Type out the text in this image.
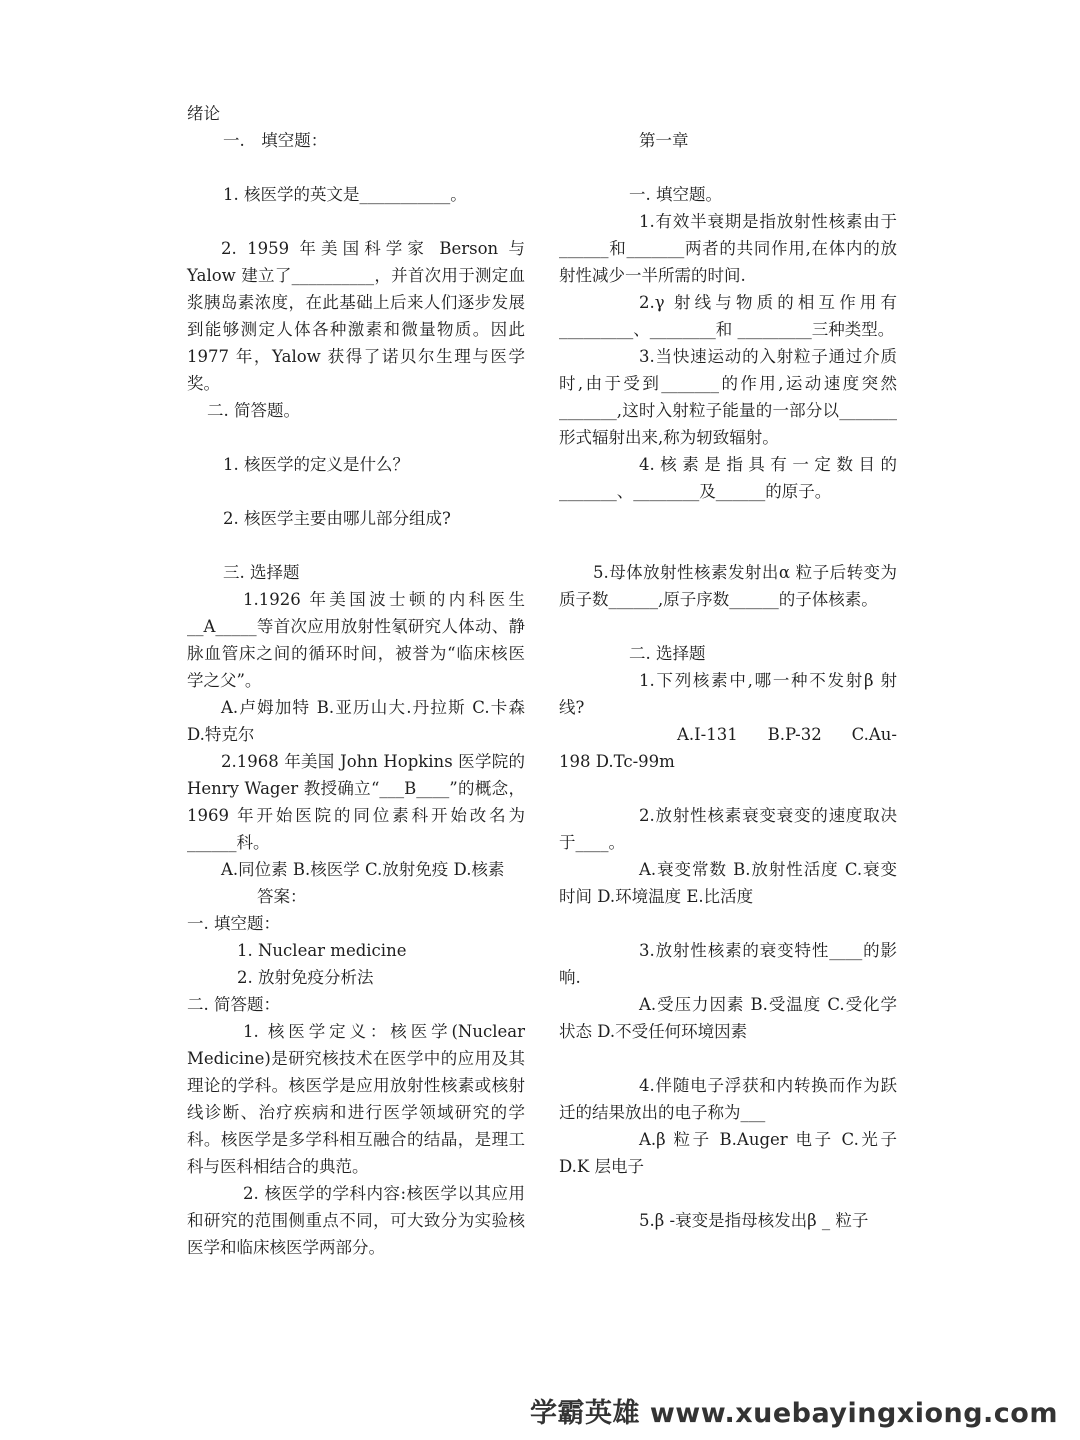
绪论

一.　填空题：

1. 核医学的英文是___________。

2. 1959 年美国科学家 Berson 与 Yalow 建立了__________，并首次用于测定血浆胰岛素浓度，在此基础上后来人们逐步发展到能够测定人体各种激素和微量物质。因此 1977 年，Yalow 获得了诺贝尔生理与医学奖。

二. 简答题。

1. 核医学的定义是什么？

2. 核医学主要由哪儿部分组成?

三. 选择题

1.1926 年美国波士顿的内科医生__A_____等首次应用放射性氡研究人体动、静脉血管床之间的循环时间，被誉为“临床核医学之父”。

A.卢姆加特 B.亚历山大.丹拉斯 C.卡森 D.特克尔

2.1968 年美国 John Hopkins 医学院的 Henry Wager 教授确立“___B____”的概念，1969 年开始医院的同位素科开始改名为______科。

A.同位素 B.核医学 C.放射免疫 D.核素

答案：

一. 填空题：

1. Nuclear medicine

2. 放射免疫分析法

二. 简答题：

1. 核医学定义：核医学(Nuclear Medicine)是研究核技术在医学中的应用及其理论的学科。核医学是应用放射性核素或核射线诊断、治疗疾病和进行医学领域研究的学科。核医学是多学科相互融合的结晶，是理工科与医科相结合的典范。

2. 核医学的学科内容:核医学以其应用和研究的范围侧重点不同，可大致分为实验核医学和临床核医学两部分。

第一章

一. 填空题。

1.有效半衰期是指放射性核素由于______和_______两者的共同作用,在体内的放射性减少一半所需的时间.

2.γ 射线与物质的相互作用有_________、________和 _________三种类型。

3.当快速运动的入射粒子通过介质时,由于受到_______的作用,运动速度突然_______,这时入射粒子能量的一部分以_______形式辐射出来,称为轫致辐射。

4.核素是指具有一定数目的_______、________及______的原子。

5.母体放射性核素发射出α 粒子后转变为质子数______,原子序数______的子体核素。

二. 选择题

1.下列核素中,哪一种不发射β 射线?

A.I-131　 B.P-32　 C.Au-198 D.Tc-99m

2.放射性核素衰变衰变的速度取决于____。

A.衰变常数 B.放射性活度 C.衰变时间 D.环境温度 E.比活度

3.放射性核素的衰变特性____的影响.

A.受压力因素 B.受温度 C.受化学状态 D.不受任何环境因素

4.伴随电子浮获和内转换而作为跃迁的结果放出的电子称为___

A.β 粒子 B.Auger 电子 C.光子 D.K 层电子

5.β -衰变是指母核发出β _ 粒子

学霸英雄 www.xuebayingxiong.com
